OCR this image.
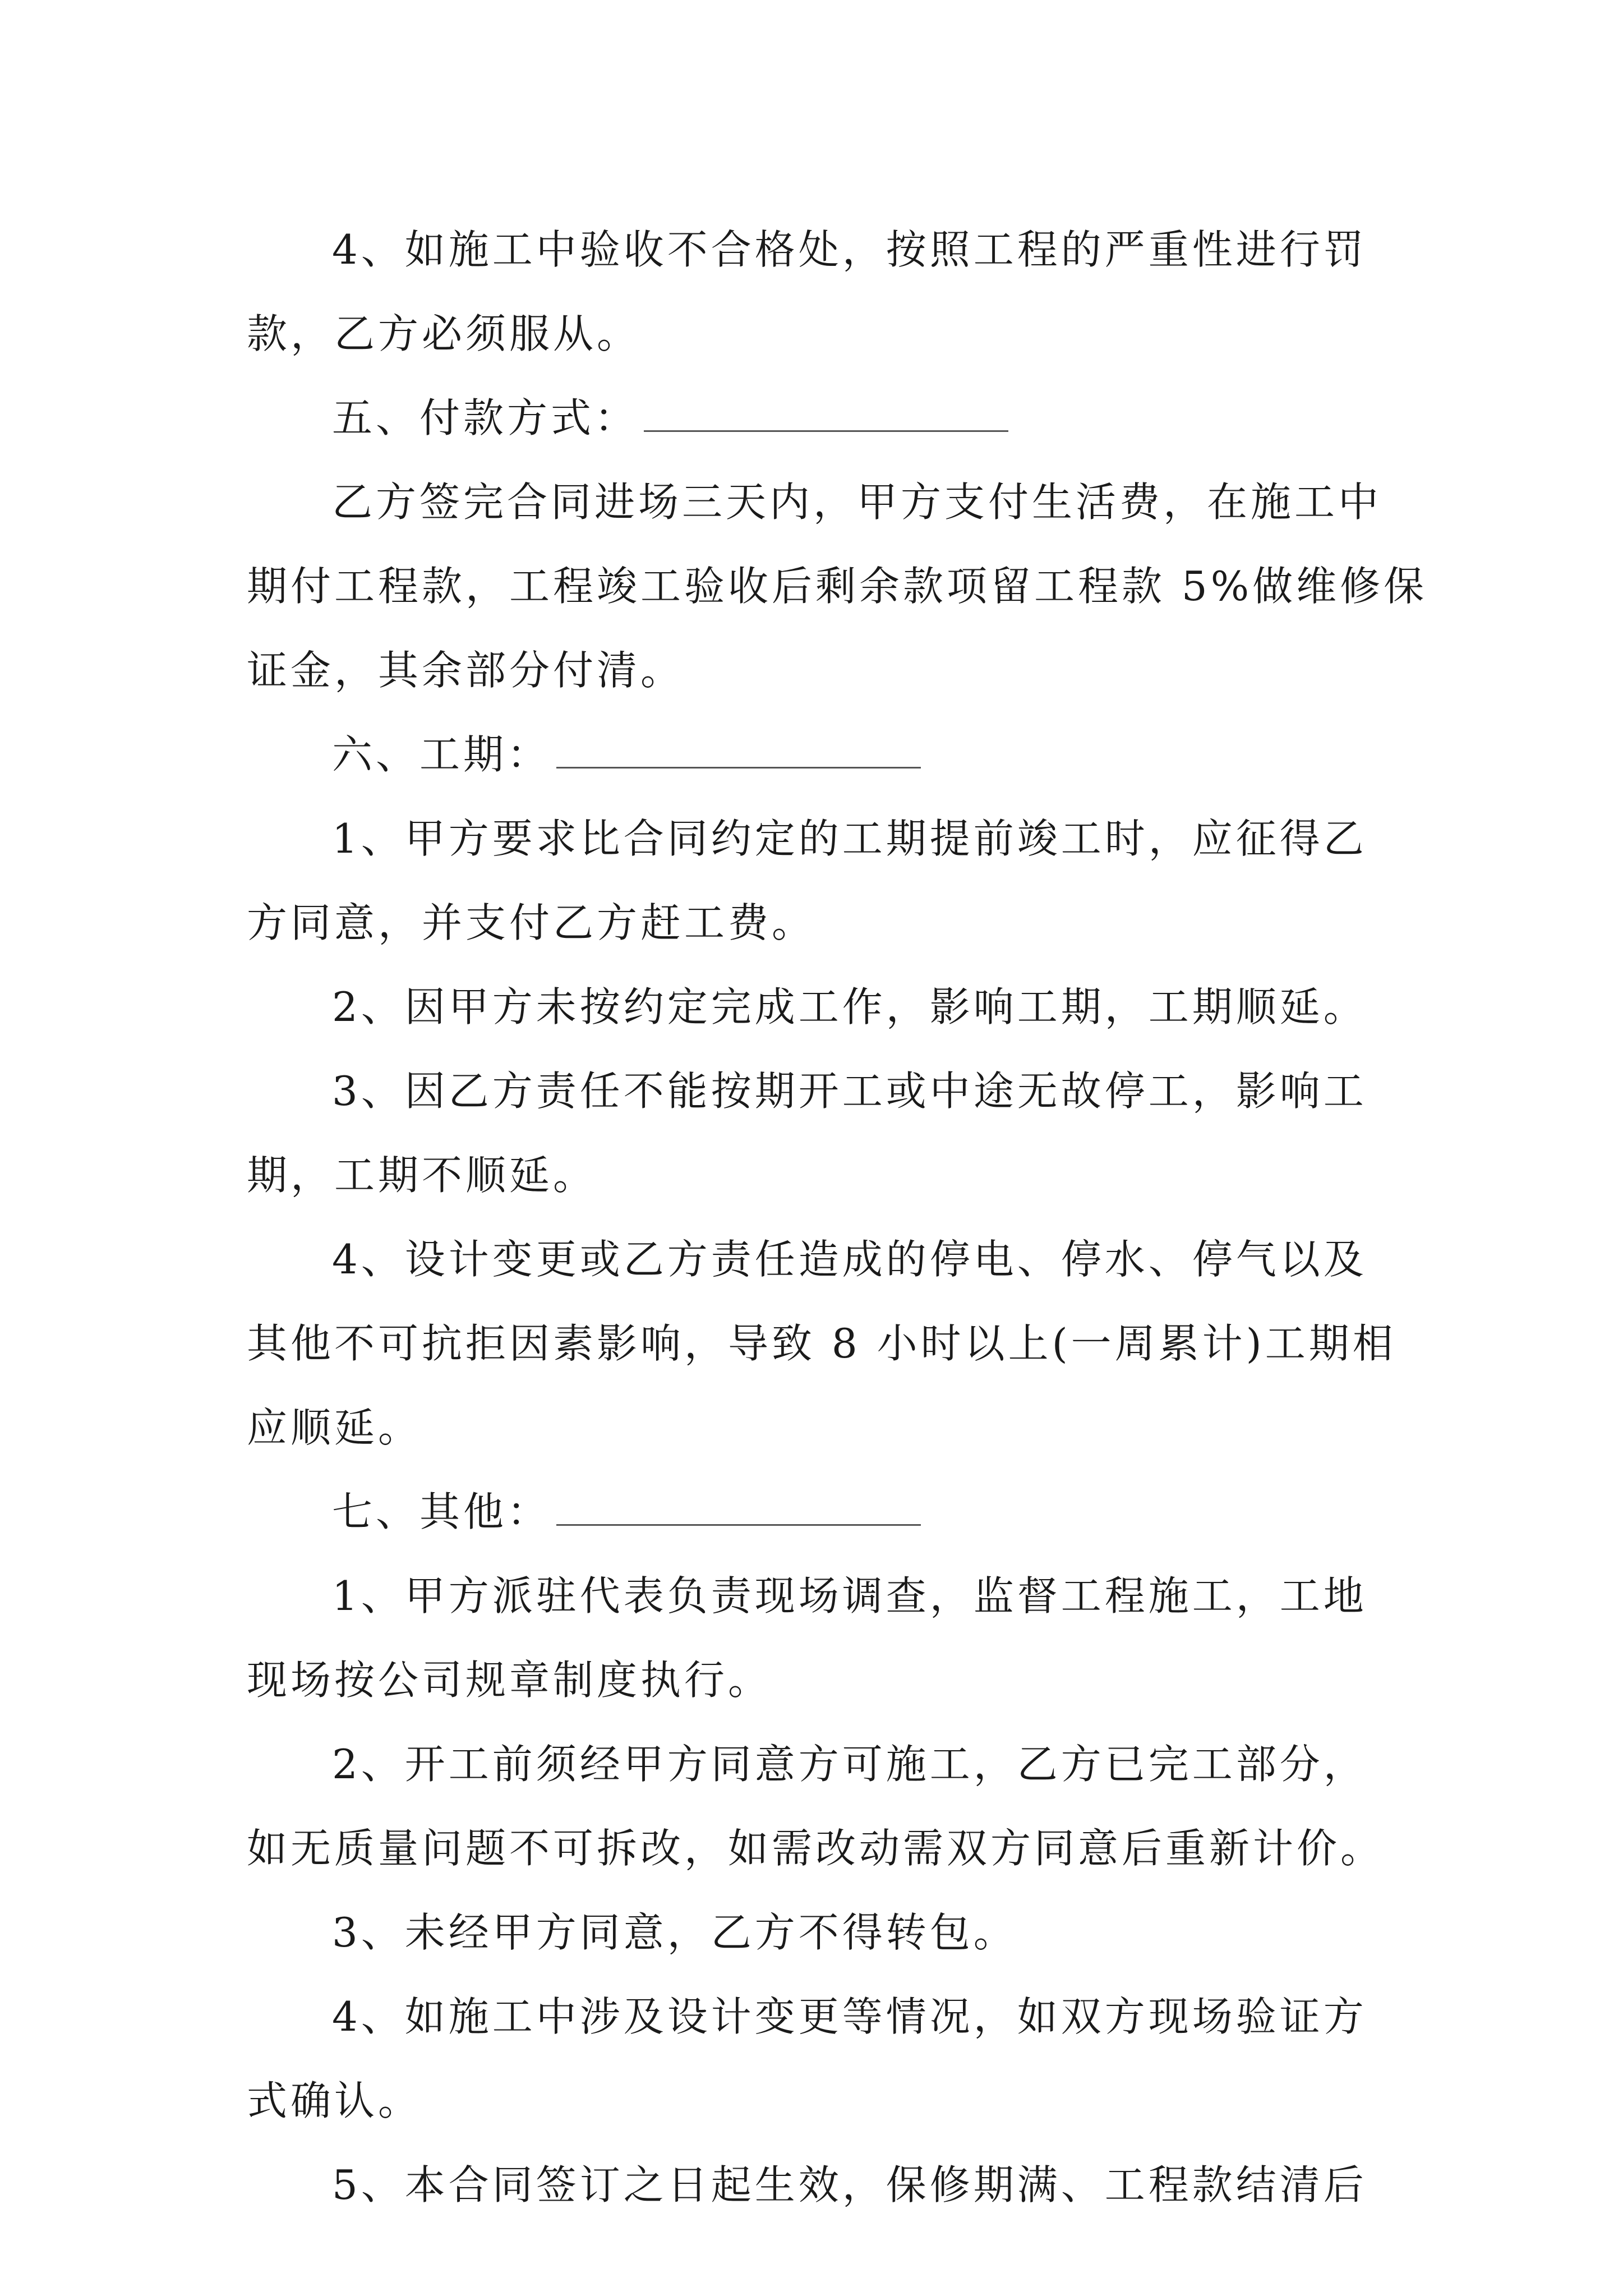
4、如施工中验收不合格处，按照工程的严重性进行罚
款，乙方必须服从。
五、付款方式：
乙方签完合同进场三天内，甲方支付生活费，在施工中
期付工程款，工程竣工验收后剩余款项留工程款 5%做维修保
证金，其余部分付清。
六、工期：
1、甲方要求比合同约定的工期提前竣工时，应征得乙
方同意，并支付乙方赶工费。
2、因甲方未按约定完成工作，影响工期，工期顺延。
3、因乙方责任不能按期开工或中途无故停工，影响工
期，工期不顺延。
4、设计变更或乙方责任造成的停电、停水、停气以及
其他不可抗拒因素影响，导致 8 小时以上(一周累计)工期相
应顺延。
七、其他：
1、甲方派驻代表负责现场调查，监督工程施工，工地
现场按公司规章制度执行。
2、开工前须经甲方同意方可施工，乙方已完工部分，
如无质量问题不可拆改，如需改动需双方同意后重新计价。
3、未经甲方同意，乙方不得转包。
4、如施工中涉及设计变更等情况，如双方现场验证方
式确认。
5、本合同签订之日起生效，保修期满、工程款结清后
